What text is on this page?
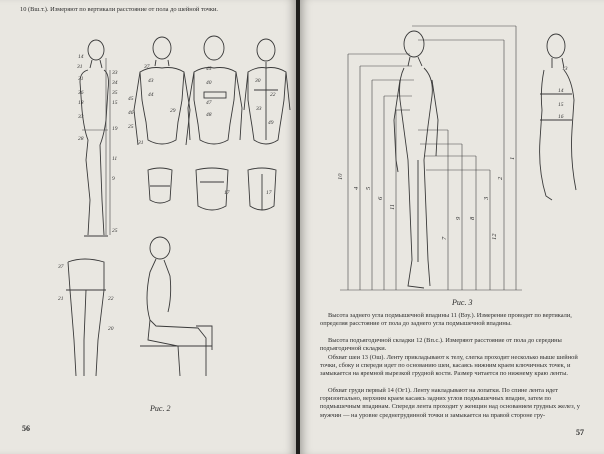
10 (Вш.т.). Измеряют по вертикали расстояние от пола до шейной точки.
14
31
33
34
35
15
36
18
25
9
33
28
11
31
19
37
43
44
45
46
25
31
29
45
40
47
48
30
22
33
49
17	17
37
21	22
20
Рис. 2
56
10
1
5
4
2
3
6
8
9
7
11
12
13
14
15
16
Рис. 3
Высота заднего угла подмышечной впадины 11 (Взу.). Измерение проводят по вертикали, определяя расстояние от пола до заднего угла подмышечной впадины.
Высота подъягодичной складки 12 (Вп.с.). Измеряют расстояние от пола до середины подъягодичной складки.
Обхват шеи 13 (Ош). Ленту прикладывают к телу, слегка проходит несколько выше шейной точки, сбоку и спереди идет по основанию шеи, касаясь нижним краем ключичных точек, и замыкается на яремной вырезкой грудной кости. Размер читается по нижнему краю ленты.
Обхват груди первый 14 (Ог1). Ленту накладывают на лопатки. По спине лента идет горизонтально, верхним краем касаясь задних углов подмышечных впадин, затем по подмышечным впадинам. Спереди лента проходит у женщин над основанием грудных желез, у мужчин — на уровне среднегрудинной точки и замыкается на правой стороне гру-
57
